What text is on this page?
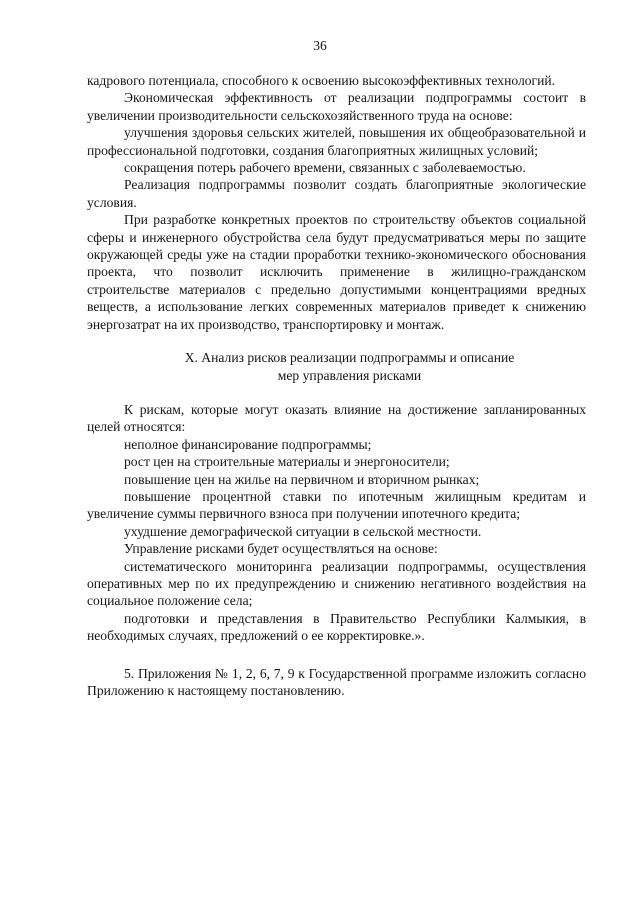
36

кадрового потенциала, способного к освоению высокоэффективных технологий.

Экономическая эффективность от реализации подпрограммы состоит в увеличении производительности сельскохозяйственного труда на основе:

улучшения здоровья сельских жителей, повышения их общеобразовательной и профессиональной подготовки, создания благоприятных жилищных условий;

сокращения потерь рабочего времени, связанных с заболеваемостью.

Реализация подпрограммы позволит создать благоприятные экологические условия.

При разработке конкретных проектов по строительству объектов социальной сферы и инженерного обустройства села будут предусматриваться меры по защите окружающей среды уже на стадии проработки технико-экономического обоснования проекта, что позволит исключить применение в жилищно-гражданском строительстве материалов с предельно допустимыми концентрациями вредных веществ, а использование легких современных материалов приведет к снижению энергозатрат на их производство, транспортировку и монтаж.

X. Анализ рисков реализации подпрограммы и описание

мер управления рисками

К рискам, которые могут оказать влияние на достижение запланированных целей относятся:

неполное финансирование подпрограммы;

рост цен на строительные материалы и энергоносители;

повышение цен на жилье на первичном и вторичном рынках;

повышение процентной ставки по ипотечным жилищным кредитам и увеличение суммы первичного взноса при получении ипотечного кредита;

ухудшение демографической ситуации в сельской местности.

Управление рисками будет осуществляться на основе:

систематического мониторинга реализации подпрограммы, осуществления оперативных мер по их предупреждению и снижению негативного воздействия на социальное положение села;

подготовки и представления в Правительство Республики Калмыкия, в необходимых случаях, предложений о ее корректировке.».

5. Приложения № 1, 2, 6, 7, 9 к Государственной программе изложить согласно Приложению к настоящему постановлению.
